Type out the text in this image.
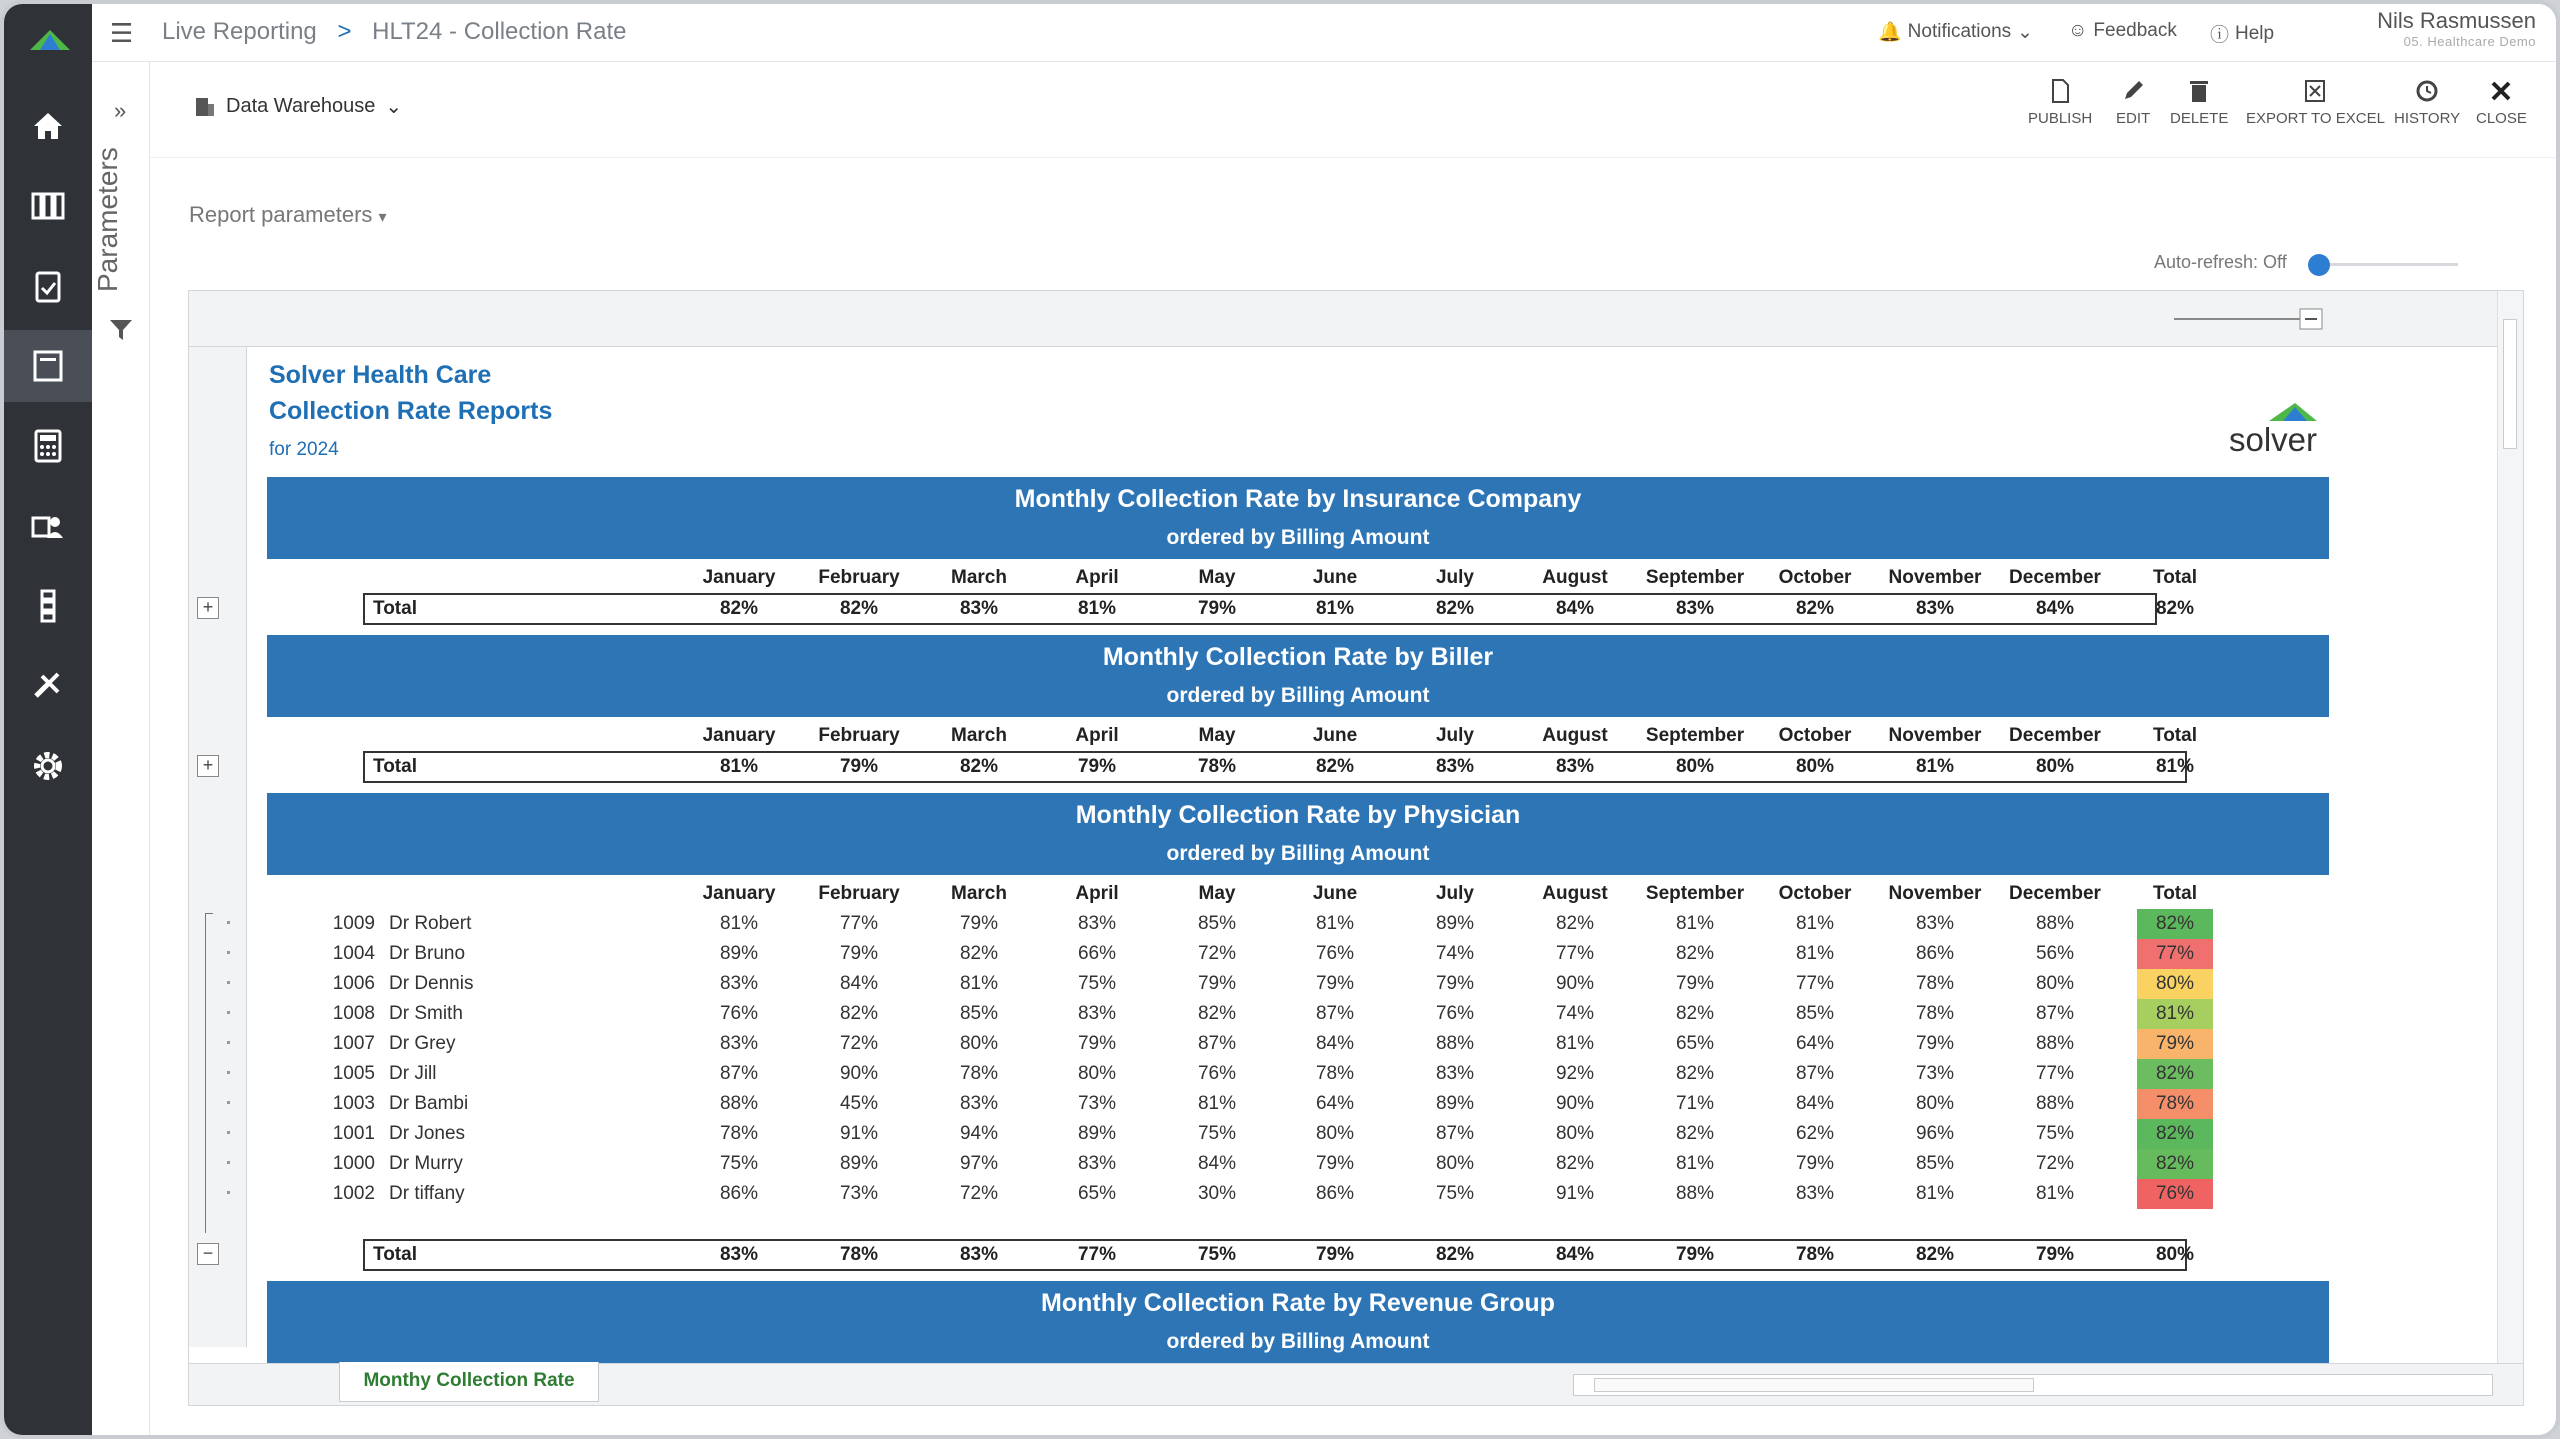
☰ Live Reporting > HLT24 - Collection Rate	🔔 Notifications ⌄ ☺ Feedback ⓘ Help	Nils Rasmussen
05. Healthcare Demo
»
Parameters
Data Warehouse ⌄
PUBLISH EDIT DELETE EXPORT TO EXCEL HISTORY CLOSE
Report parameters ▾
Auto-refresh: Off
Solver Health Care
Collection Rate Reports
for 2024	solver
Monthly Collection Rate by Insurance Company
ordered by Billing Amount
January	February	March	April	May	June	July	August	September	October	November	December	Total
Total	82%	82%	83%	81%	79%	81%	82%	84%	83%	82%	83%	84%	82%
+
Monthly Collection Rate by Biller
ordered by Billing Amount
January	February	March	April	May	June	July	August	September	October	November	December	Total
Total	81%	79%	82%	79%	78%	82%	83%	83%	80%	80%	81%	80%	81%
+
Monthly Collection Rate by Physician
ordered by Billing Amount
January	February	March	April	May	June	July	August	September	October	November	December	Total
1009 Dr Robert	81%	77%	79%	83%	85%	81%	89%	82%	81%	81%	83%	88%	82%
1004 Dr Bruno	89%	79%	82%	66%	72%	76%	74%	77%	82%	81%	86%	56%	77%
1006 Dr Dennis	83%	84%	81%	75%	79%	79%	79%	90%	79%	77%	78%	80%	80%
1008 Dr Smith	76%	82%	85%	83%	82%	87%	76%	74%	82%	85%	78%	87%	81%
1007 Dr Grey	83%	72%	80%	79%	87%	84%	88%	81%	65%	64%	79%	88%	79%
1005 Dr Jill	87%	90%	78%	80%	76%	78%	83%	92%	82%	87%	73%	77%	82%
1003 Dr Bambi	88%	45%	83%	73%	81%	64%	89%	90%	71%	84%	80%	88%	78%
1001 Dr Jones	78%	91%	94%	89%	75%	80%	87%	80%	82%	62%	96%	75%	82%
1000 Dr Murry	75%	89%	97%	83%	84%	79%	80%	82%	81%	79%	85%	72%	82%
1002 Dr tiffany	86%	73%	72%	65%	30%	86%	75%	91%	88%	83%	81%	81%	76%
Total	83%	78%	83%	77%	75%	79%	82%	84%	79%	78%	82%	79%	80%
−
Monthly Collection Rate by Revenue Group
ordered by Billing Amount
Monthy Collection Rate
